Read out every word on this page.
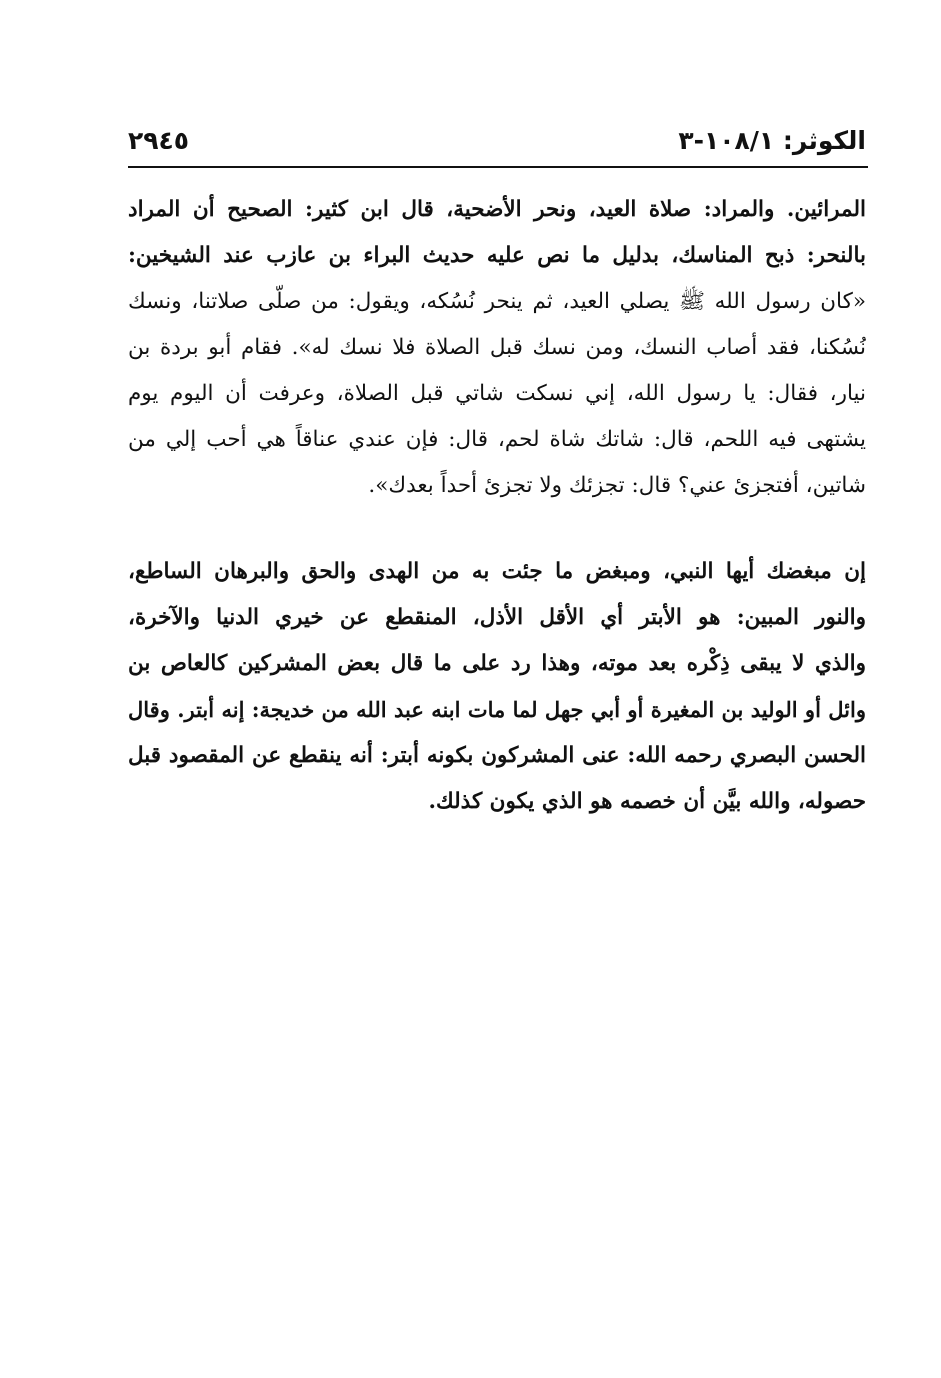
الكوثر: ١٠٨/١-٣
٢٩٤٥
المرائين. والمراد: صلاة العيد، ونحر الأضحية، قال ابن كثير: الصحيح أن المراد
بالنحر: ذبح المناسك، بدليل ما نص عليه حديث البراء بن عازب عند الشيخين:
«كان رسول الله ﷺ يصلي العيد، ثم ينحر نُسُكه، ويقول: من صلّى صلاتنا، ونسك
نُسُكنا، فقد أصاب النسك، ومن نسك قبل الصلاة فلا نسك له». فقام أبو بردة بن
نيار، فقال: يا رسول الله، إني نسكت شاتي قبل الصلاة، وعرفت أن اليوم يوم
يشتهى فيه اللحم، قال: شاتك شاة لحم، قال: فإن عندي عناقاً هي أحب إلي من
شاتين، أفتجزئ عني؟ قال: تجزئك ولا تجزئ أحداً بعدك».
إن مبغضك أيها النبي، ومبغض ما جئت به من الهدى والحق والبرهان الساطع،
والنور المبين: هو الأبتر أي الأقل الأذل، المنقطع عن خيري الدنيا والآخرة،
والذي لا يبقى ذِكْره بعد موته، وهذا رد على ما قال بعض المشركين كالعاص بن
وائل أو الوليد بن المغيرة أو أبي جهل لما مات ابنه عبد الله من خديجة: إنه أبتر. وقال
الحسن البصري رحمه الله: عنى المشركون بكونه أبتر: أنه ينقطع عن المقصود قبل
حصوله، والله بيَّن أن خصمه هو الذي يكون كذلك.
